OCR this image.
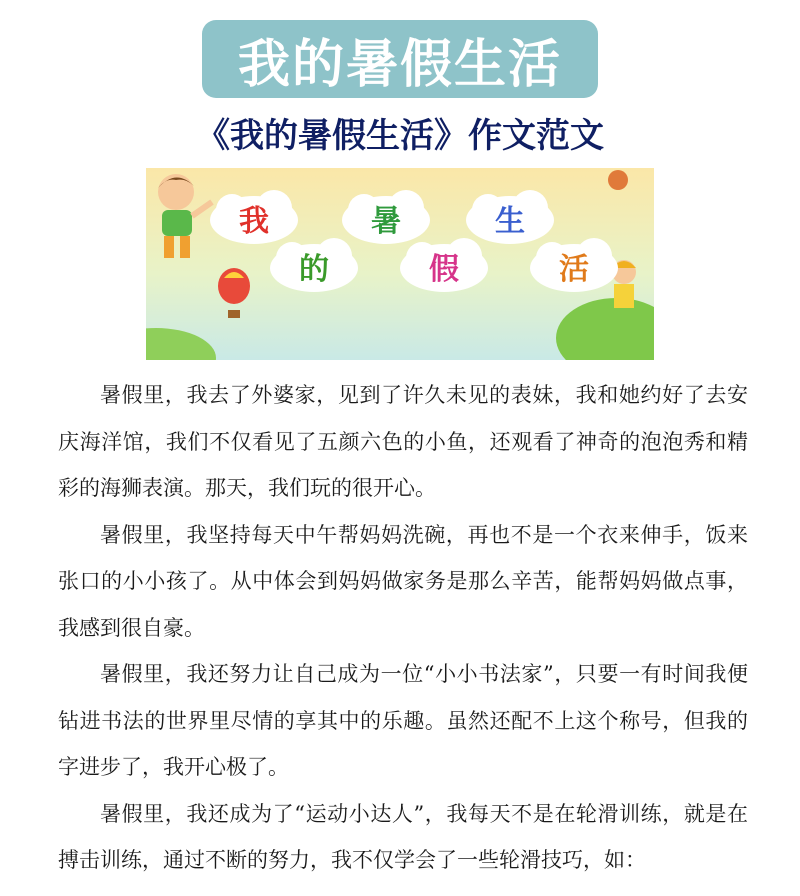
我的暑假生活
《我的暑假生活》作文范文
我
的
暑
假
生
活

暑假里，我去了外婆家，见到了许久未见的表妹，我和她约好了去安庆海洋馆，我们不仅看见了五颜六色的小鱼，还观看了神奇的泡泡秀和精彩的海狮表演。那天，我们玩的很开心。

暑假里，我坚持每天中午帮妈妈洗碗，再也不是一个衣来伸手，饭来张口的小小孩了。从中体会到妈妈做家务是那么辛苦，能帮妈妈做点事，我感到很自豪。

暑假里，我还努力让自己成为一位“小小书法家”，只要一有时间我便钻进书法的世界里尽情的享其中的乐趣。虽然还配不上这个称号，但我的字进步了，我开心极了。

暑假里，我还成为了“运动小达人”，我每天不是在轮滑训练，就是在搏击训练，通过不断的努力，我不仅学会了一些轮滑技巧，如：
